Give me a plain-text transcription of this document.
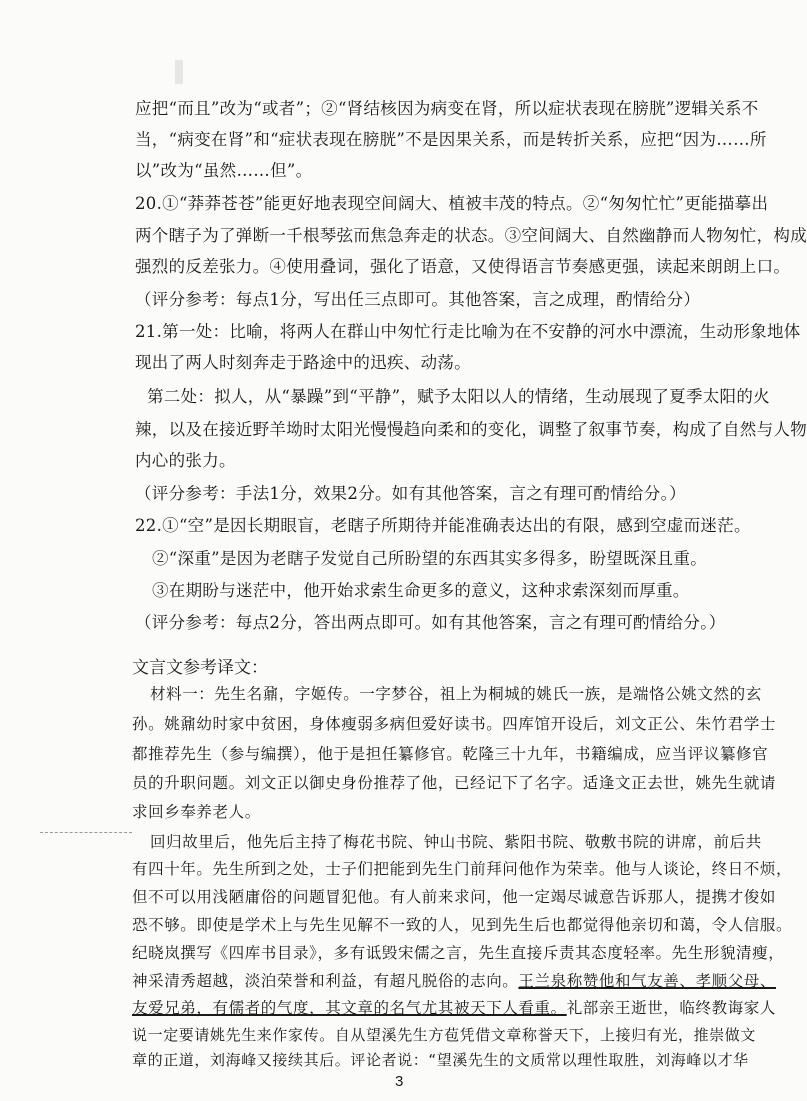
应把“而且”改为“或者”；②“肾结核因为病变在肾，所以症状表现在膀胱”逻辑关系不
当，“病变在肾”和“症状表现在膀胱”不是因果关系，而是转折关系，应把“因为……所
以”改为“虽然……但”。
20.①“莽莽苍苍”能更好地表现空间阔大、植被丰茂的特点。②“匆匆忙忙”更能描摹出
两个瞎子为了弹断一千根琴弦而焦急奔走的状态。③空间阔大、自然幽静而人物匆忙，构成
强烈的反差张力。④使用叠词，强化了语意，又使得语言节奏感更强，读起来朗朗上口。
（评分参考：每点1分，写出任三点即可。其他答案，言之成理，酌情给分）
21.第一处：比喻，将两人在群山中匆忙行走比喻为在不安静的河水中漂流，生动形象地体
现出了两人时刻奔走于路途中的迅疾、动荡。
第二处：拟人，从“暴躁”到“平静”，赋予太阳以人的情绪，生动展现了夏季太阳的火
辣，以及在接近野羊坳时太阳光慢慢趋向柔和的变化，调整了叙事节奏，构成了自然与人物
内心的张力。
（评分参考：手法1分，效果2分。如有其他答案，言之有理可酌情给分。）
22.①“空”是因长期眼盲，老瞎子所期待并能准确表达出的有限，感到空虚而迷茫。
②“深重”是因为老瞎子发觉自己所盼望的东西其实多得多，盼望既深且重。
③在期盼与迷茫中，他开始求索生命更多的意义，这种求索深刻而厚重。
（评分参考：每点2分，答出两点即可。如有其他答案，言之有理可酌情给分。）
文言文参考译文：
材料一：先生名鼐，字姬传。一字梦谷，祖上为桐城的姚氏一族，是端恪公姚文然的玄
孙。姚鼐幼时家中贫困，身体瘦弱多病但爱好读书。四库馆开设后，刘文正公、朱竹君学士
都推荐先生（参与编撰），他于是担任纂修官。乾隆三十九年，书籍编成，应当评议纂修官
员的升职问题。刘文正以御史身份推荐了他，已经记下了名字。适逢文正去世，姚先生就请
求回乡奉养老人。
回归故里后，他先后主持了梅花书院、钟山书院、紫阳书院、敬敷书院的讲席，前后共
有四十年。先生所到之处，士子们把能到先生门前拜问他作为荣幸。他与人谈论，终日不烦，
但不可以用浅陋庸俗的问题冒犯他。有人前来求问，他一定竭尽诚意告诉那人，提携才俊如
恐不够。即使是学术上与先生见解不一致的人，见到先生后也都觉得他亲切和蔼，令人信服。
纪晓岚撰写《四库书目录》，多有诋毁宋儒之言，先生直接斥责其态度轻率。先生形貌清瘦，
神采清秀超越，淡泊荣誉和利益，有超凡脱俗的志向。王兰泉称赞他和气友善、孝顺父母、
友爱兄弟，有儒者的气度，其文章的名气尤其被天下人看重。礼部亲王逝世，临终教诲家人
说一定要请姚先生来作家传。自从望溪先生方苞凭借文章称誉天下，上接归有光，推崇做文
章的正道，刘海峰又接续其后。评论者说：“望溪先生的文质常以理性取胜，刘海峰以才华
3
